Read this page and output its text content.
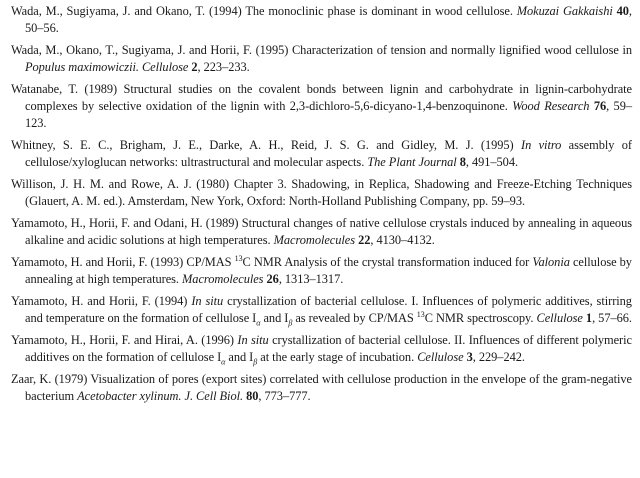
Wada, M., Sugiyama, J. and Okano, T. (1994) The monoclinic phase is dominant in wood cellulose. Mokuzai Gakkaishi 40, 50–56.

Wada, M., Okano, T., Sugiyama, J. and Horii, F. (1995) Characterization of tension and normally lignified wood cellulose in Populus maximowiczii. Cellulose 2, 223–233.

Watanabe, T. (1989) Structural studies on the covalent bonds between lignin and carbohydrate in lignin-carbohydrate complexes by selective oxidation of the lignin with 2,3-dichloro-5,6-dicyano-1,4-benzoquinone. Wood Research 76, 59–123.

Whitney, S. E. C., Brigham, J. E., Darke, A. H., Reid, J. S. G. and Gidley, M. J. (1995) In vitro assembly of cellulose/xyloglucan networks: ultrastructural and molecular aspects. The Plant Journal 8, 491–504.

Willison, J. H. M. and Rowe, A. J. (1980) Chapter 3. Shadowing, in Replica, Shadowing and Freeze-Etching Techniques (Glauert, A. M. ed.). Amsterdam, New York, Oxford: North-Holland Publishing Company, pp. 59–93.

Yamamoto, H., Horii, F. and Odani, H. (1989) Structural changes of native cellulose crystals induced by annealing in aqueous alkaline and acidic solutions at high temperatures. Macromolecules 22, 4130–4132.

Yamamoto, H. and Horii, F. (1993) CP/MAS $^{13}$C NMR Analysis of the crystal transformation induced for Valonia cellulose by annealing at high temperatures. Macromolecules 26, 1313–1317.

Yamamoto, H. and Horii, F. (1994) In situ crystallization of bacterial cellulose. I. Influences of polymeric additives, stirring and temperature on the formation of cellulose $I_\alpha$ and $I_\beta$ as revealed by CP/MAS $^{13}$C NMR spectroscopy. Cellulose 1, 57–66.

Yamamoto, H., Horii, F. and Hirai, A. (1996) In situ crystallization of bacterial cellulose. II. Influences of different polymeric additives on the formation of cellulose $I_\alpha$ and $I_\beta$ at the early stage of incubation. Cellulose 3, 229–242.

Zaar, K. (1979) Visualization of pores (export sites) correlated with cellulose production in the envelope of the gram-negative bacterium Acetobacter xylinum. J. Cell Biol. 80, 773–777.
